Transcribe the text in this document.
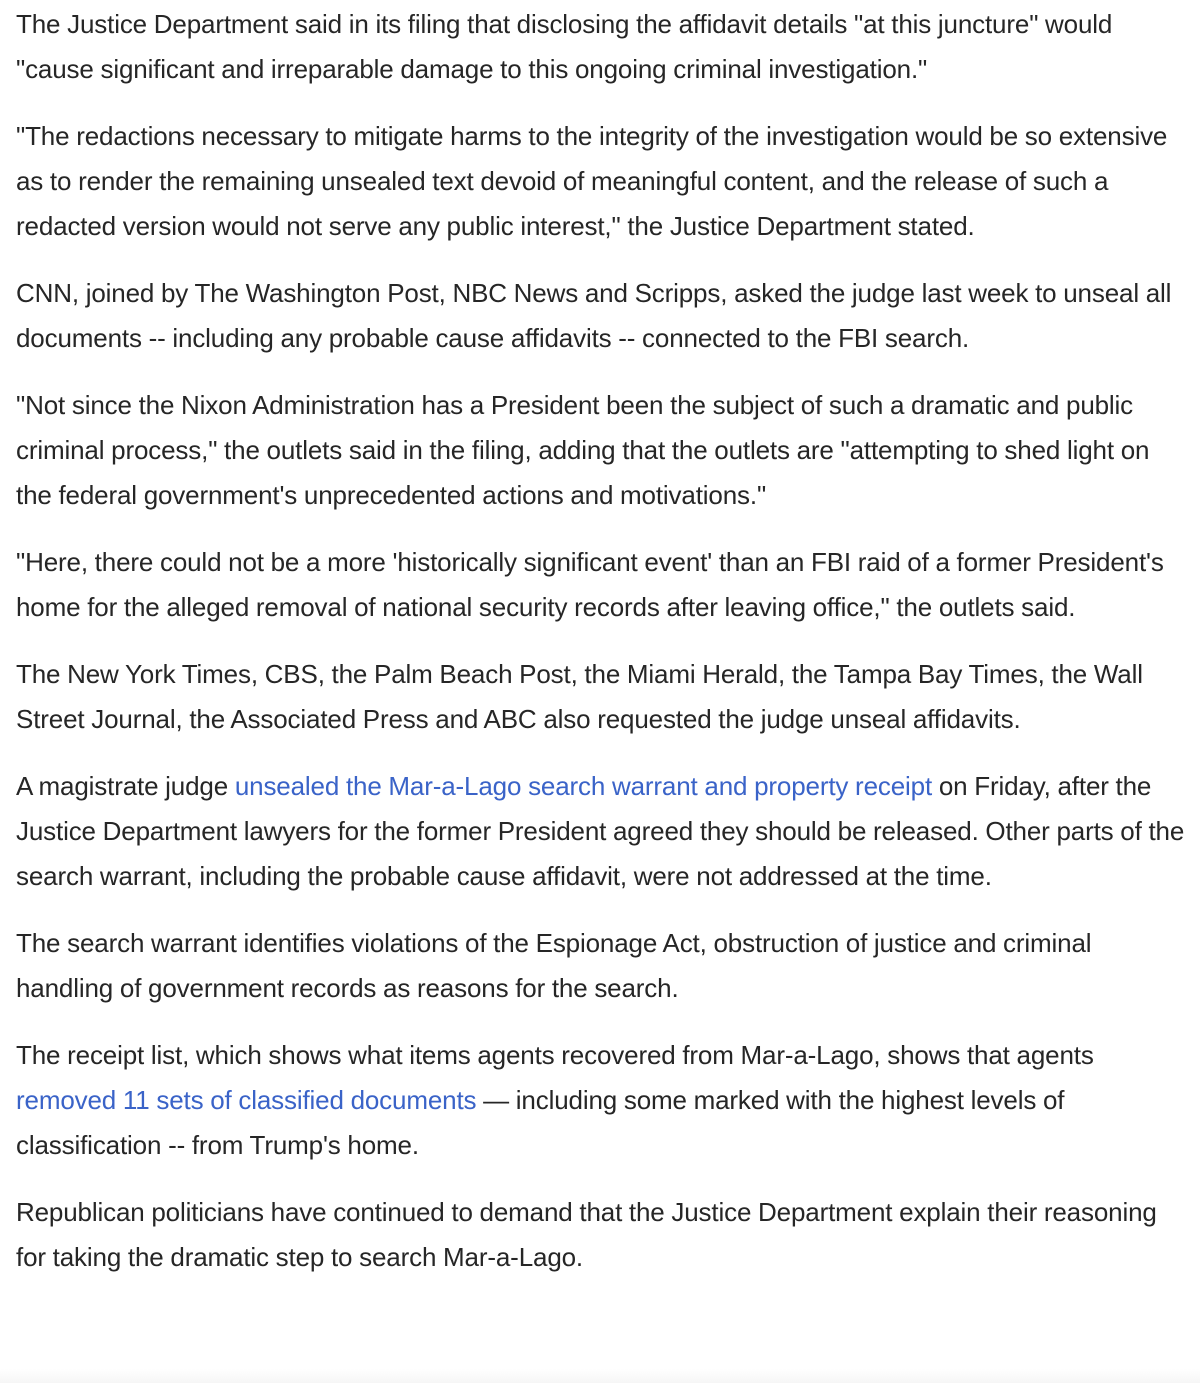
The Justice Department said in its filing that disclosing the affidavit details "at this juncture" would "cause significant and irreparable damage to this ongoing criminal investigation."

"The redactions necessary to mitigate harms to the integrity of the investigation would be so extensive as to render the remaining unsealed text devoid of meaningful content, and the release of such a redacted version would not serve any public interest," the Justice Department stated.

CNN, joined by The Washington Post, NBC News and Scripps, asked the judge last week to unseal all documents -- including any probable cause affidavits -- connected to the FBI search.

"Not since the Nixon Administration has a President been the subject of such a dramatic and public criminal process," the outlets said in the filing, adding that the outlets are "attempting to shed light on the federal government's unprecedented actions and motivations."

"Here, there could not be a more 'historically significant event' than an FBI raid of a former President's home for the alleged removal of national security records after leaving office," the outlets said.

The New York Times, CBS, the Palm Beach Post, the Miami Herald, the Tampa Bay Times, the Wall Street Journal, the Associated Press and ABC also requested the judge unseal affidavits.

A magistrate judge unsealed the Mar-a-Lago search warrant and property receipt on Friday, after the Justice Department lawyers for the former President agreed they should be released. Other parts of the search warrant, including the probable cause affidavit, were not addressed at the time.

The search warrant identifies violations of the Espionage Act, obstruction of justice and criminal handling of government records as reasons for the search.

The receipt list, which shows what items agents recovered from Mar-a-Lago, shows that agents removed 11 sets of classified documents — including some marked with the highest levels of classification -- from Trump's home.

Republican politicians have continued to demand that the Justice Department explain their reasoning for taking the dramatic step to search Mar-a-Lago.
